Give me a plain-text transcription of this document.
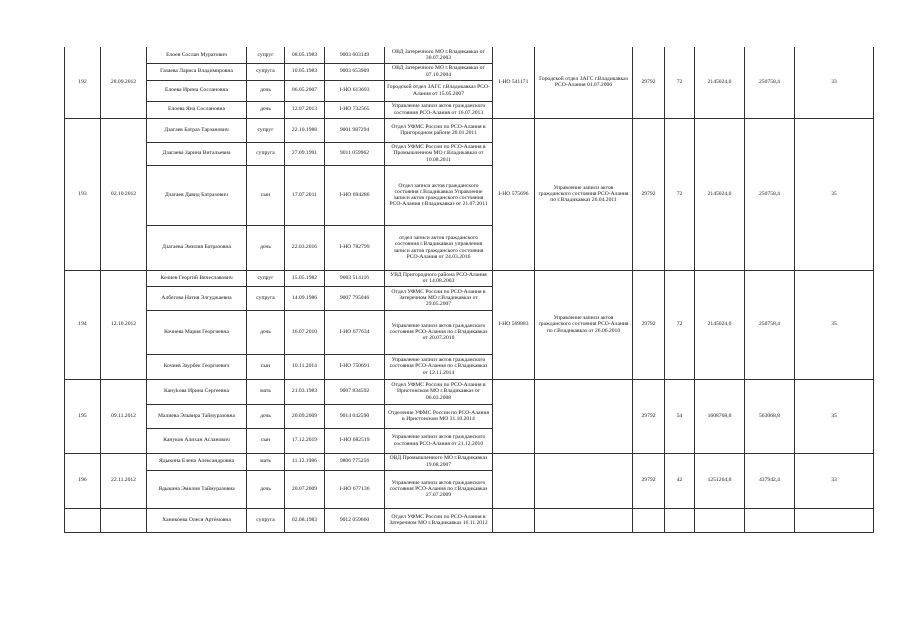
192	28.09.2012	Елоев Сослан Муратович	супруг	08.05.1983	9003 603149	ОВД Затеречного МО г.Владикавказ от 30.07.2003	I-НО 541171	Городской отдел ЗАГС г.Владикавказ РСО-Алания 01.07.2006	29792	72	2145024,0	250758,4	33
		Газаева Лариса Владимировна	супруга	10.05.1983	9003 653909	ОВД Затеречного МО г.Владикавказ от 07.10.2004							
		Елоева Ирина Сослановна	дочь	06.05.2007	I-НО 613693	Городской отдел ЗАГС г.Владикавказ РСО-Алания от 15.05.2007							
		Елоева Яна Сослановна	дочь	12.07.2013	I-НО 732565	Управление записи актов гражданского состояния РСО-Алания от 16.07.2013							
193	02.10.2012	Дзагаев Батраз Тарзанович	супруг	22.10.1988	9001 987294	Отдел УФМС России по РСО-Алания в Пригородном районе 26.01.2011	I-НО 575696	Управление записи актов гражданского состояния РСО-Алания по г.Владикавказ 26.04.2011	29792	72	2145024,0	250758,4	35
		Дзагаева Зарина Витальевна	супруга	27.09.1991	9011 059962	Отдел УФМС России по РСО-Алания в Промышленном МО г.Владикавказ от 10.08.2011							
		Дзагаев Давид Батразович	сын	17.07.2011	I-НО 694286	Отдел записи актов гражданского состояния г.Владикавказ Управление записи актов гражданского состояния РСО-Алания г.Владикавказ от 21.07.2011							
		Дзагаева Эмилия Батразовна	дочь	22.03.2016	I-НО 782799	отдел записи актов гражданского состояния г.Владикавказ управления записи актов гражданского состояния РСО-Алания от 24.03.2016							
194	12.10.2012	Кочиев Георгий Вячеславович	супруг	15.05.1982	9003 514116	УВД Пригородного района РСО-Алания от 14.08.2003	I-НО 569883	Управление записи актов гражданского состояния РСО-Алания по г.Владикавказ от 26.06.2010	29792	72	2145024,0	250758,4	35
		Албегова Натия Элгуджаевна	супруга	14.09.1986	9007 795046	Отдел УФМС России по РСО-Алания в Затеречном МО г.Владикавказ от 29.05.2007							
		Кочиева Мария Георгиевна	дочь	16.07.2010	I-НО 677634	Управление записи актов гражданского состояния РСО-Алания по г.Владикавказ от 20.07.2010							
		Кочиев Заурбек Георгиевич	сын	10.11.2014	I-НО 750691	Управление записи актов гражданского состояния РСО-Алания по г.Владикавказ от 12.11.2014							
195	09.11.2012	Кануkова Ирина Сергеевна	мать	21.03.1983	9007 834592	Отдел УФМС России по РСО-Алания в Иристонском МО г.Владикавказ от 06.03.2008			29792	54	1608768,0	563068,8	35
		Малиева Эльвира Таймуразовна	дочь	20.09.2009	9014 042590	Отделение УФМС России по РСО-Алания в Иристонском МО 31.10.2014							
		Кануков Алихан Асланович	сын	17.12.2019	I-НО 682519	Управление записи актов гражданского состояния РСО-Алания от 21.12.2010							
196	22.11.2012	Ядыкина Елена Александровна	мать	11.12.1986	9806 775256	ОВД Промышленного МО г.Владикавказ 19.08.2007			29792	42	1251264,0	437942,4	33
		Ядыкина Эмилия Таймуразовна	дочь	20.07.2009	I-НО 677136	Управление записи актов гражданского состояния РСО-Алания по г.Владикавказ 27.07.2009							
		Ханикоева Олеся Артёмовна	супруга	02.08.1983	9012 059660	Отдел УФМС России по РСО-Алания в Затеречном МО г.Владикавказ 16.11.2012							
